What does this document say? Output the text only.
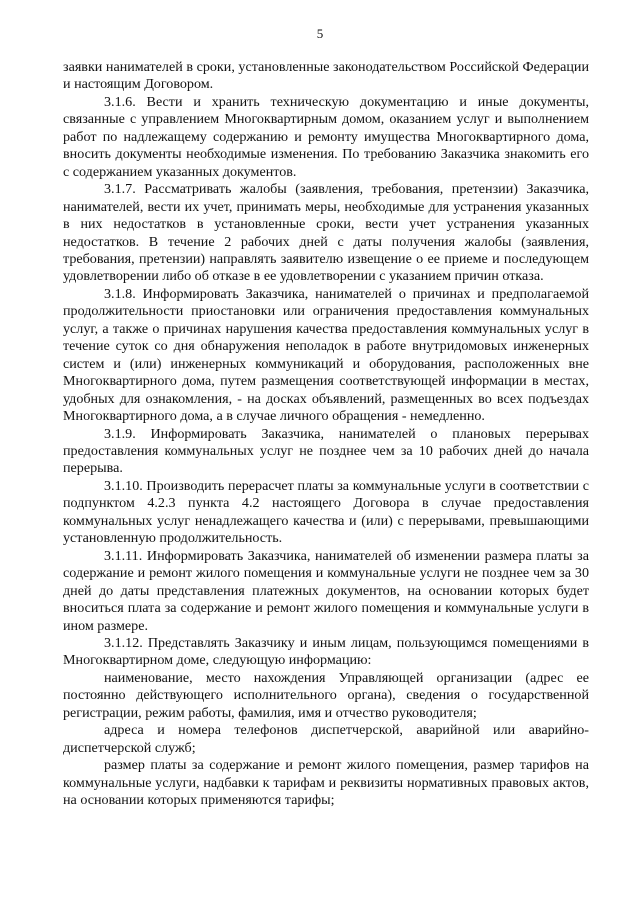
5

заявки нанимателей в сроки, установленные законодательством Российской Федерации и настоящим Договором.

3.1.6. Вести и хранить техническую документацию и иные документы, связанные с управлением Многоквартирным домом, оказанием услуг и выполнением работ по надлежащему содержанию и ремонту имущества Многоквартирного дома, вносить документы необходимые изменения. По требованию Заказчика знакомить его с содержанием указанных документов.

3.1.7. Рассматривать жалобы (заявления, требования, претензии) Заказчика, нанимателей, вести их учет, принимать меры, необходимые для устранения указанных в них недостатков в установленные сроки, вести учет устранения указанных недостатков. В течение 2 рабочих дней с даты получения жалобы (заявления, требования, претензии) направлять заявителю извещение о ее приеме и последующем удовлетворении либо об отказе в ее удовлетворении с указанием причин отказа.

3.1.8. Информировать Заказчика, нанимателей о причинах и предполагаемой продолжительности приостановки или ограничения предоставления коммунальных услуг, а также о причинах нарушения качества предоставления коммунальных услуг в течение суток со дня обнаружения неполадок в работе внутридомовых инженерных систем и (или) инженерных коммуникаций и оборудования, расположенных вне Многоквартирного дома, путем размещения соответствующей информации в местах, удобных для ознакомления, - на досках объявлений, размещенных во всех подъездах Многоквартирного дома, а в случае личного обращения - немедленно.

3.1.9. Информировать Заказчика, нанимателей о плановых перерывах предоставления коммунальных услуг не позднее чем за 10 рабочих дней до начала перерыва.

3.1.10. Производить перерасчет платы за коммунальные услуги в соответствии с подпунктом 4.2.3 пункта 4.2 настоящего Договора в случае предоставления коммунальных услуг ненадлежащего качества и (или) с перерывами, превышающими установленную продолжительность.

3.1.11. Информировать Заказчика, нанимателей об изменении размера платы за содержание и ремонт жилого помещения и коммунальные услуги не позднее чем за 30 дней до даты представления платежных документов, на основании которых будет вноситься плата за содержание и ремонт жилого помещения и коммунальные услуги в ином размере.

3.1.12. Представлять Заказчику и иным лицам, пользующимся помещениями в Многоквартирном доме, следующую информацию:

наименование, место нахождения Управляющей организации (адрес ее постоянно действующего исполнительного органа), сведения о государственной регистрации, режим работы, фамилия, имя и отчество руководителя;

адреса и номера телефонов диспетчерской, аварийной или аварийно-диспетчерской служб;

размер платы за содержание и ремонт жилого помещения, размер тарифов на коммунальные услуги, надбавки к тарифам и реквизиты нормативных правовых актов, на основании которых применяются тарифы;
